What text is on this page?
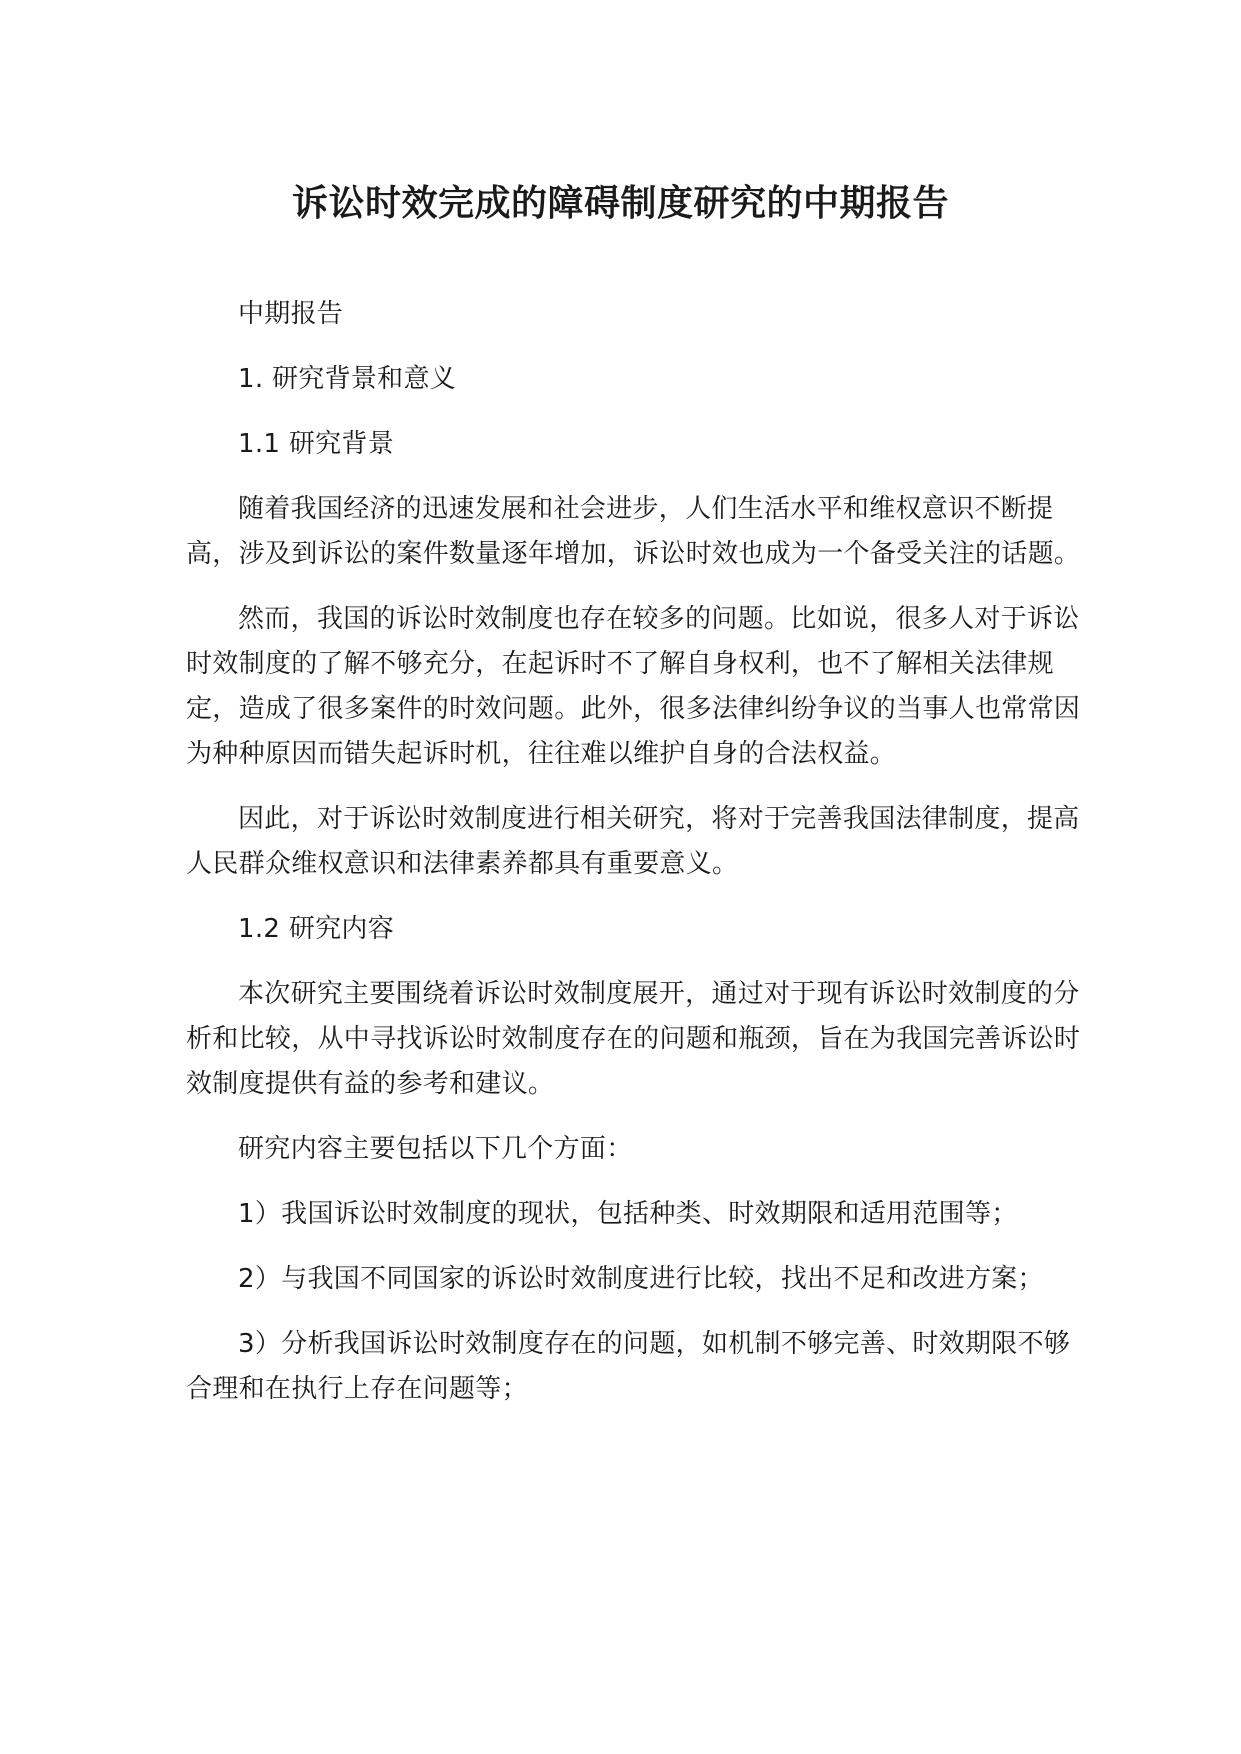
诉讼时效完成的障碍制度研究的中期报告

中期报告

1. 研究背景和意义

1.1 研究背景

随着我国经济的迅速发展和社会进步，人们生活水平和维权意识不断提高，涉及到诉讼的案件数量逐年增加，诉讼时效也成为一个备受关注的话题。

然而，我国的诉讼时效制度也存在较多的问题。比如说，很多人对于诉讼时效制度的了解不够充分，在起诉时不了解自身权利，也不了解相关法律规定，造成了很多案件的时效问题。此外，很多法律纠纷争议的当事人也常常因为种种原因而错失起诉时机，往往难以维护自身的合法权益。

因此，对于诉讼时效制度进行相关研究，将对于完善我国法律制度，提高人民群众维权意识和法律素养都具有重要意义。

1.2 研究内容

本次研究主要围绕着诉讼时效制度展开，通过对于现有诉讼时效制度的分析和比较，从中寻找诉讼时效制度存在的问题和瓶颈，旨在为我国完善诉讼时效制度提供有益的参考和建议。

研究内容主要包括以下几个方面：

1）我国诉讼时效制度的现状，包括种类、时效期限和适用范围等；

2）与我国不同国家的诉讼时效制度进行比较，找出不足和改进方案；

3）分析我国诉讼时效制度存在的问题，如机制不够完善、时效期限不够合理和在执行上存在问题等；
